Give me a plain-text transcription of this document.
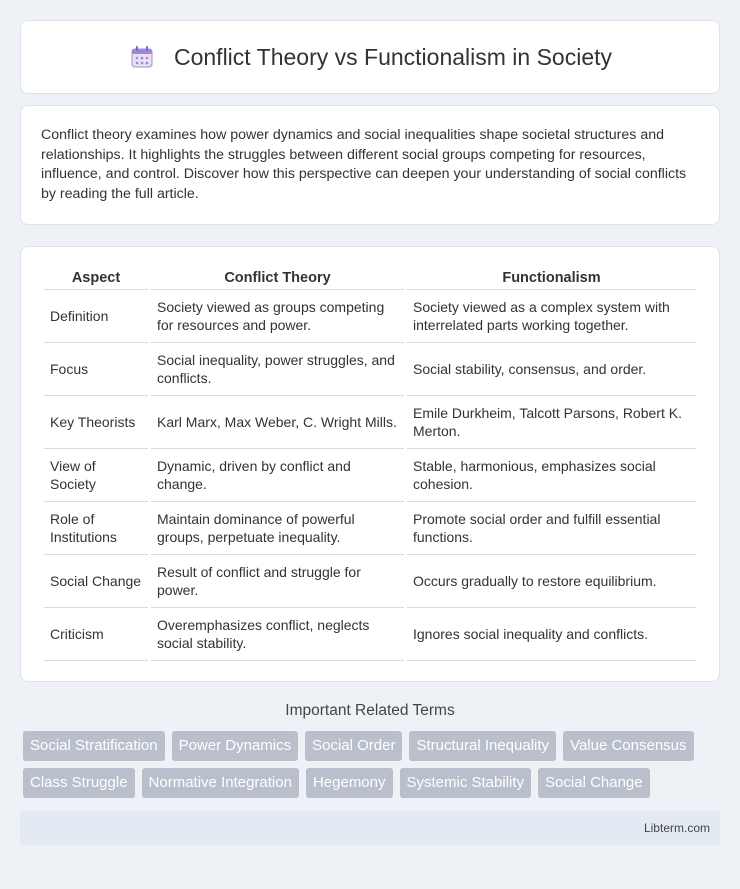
Conflict Theory vs Functionalism in Society

Conflict theory examines how power dynamics and social inequalities shape societal structures and relationships. It highlights the struggles between different social groups competing for resources, influence, and control. Discover how this perspective can deepen your understanding of social conflicts by reading the full article.

Aspect	Conflict Theory	Functionalism
Definition	Society viewed as groups competing for resources and power.	Society viewed as a complex system with interrelated parts working together.
Focus	Social inequality, power struggles, and conflicts.	Social stability, consensus, and order.
Key Theorists	Karl Marx, Max Weber, C. Wright Mills.	Emile Durkheim, Talcott Parsons, Robert K. Merton.
View of Society	Dynamic, driven by conflict and change.	Stable, harmonious, emphasizes social cohesion.
Role of Institutions	Maintain dominance of powerful groups, perpetuate inequality.	Promote social order and fulfill essential functions.
Social Change	Result of conflict and struggle for power.	Occurs gradually to restore equilibrium.
Criticism	Overemphasizes conflict, neglects social stability.	Ignores social inequality and conflicts.
Important Related Terms
Social Stratification	Power Dynamics	Social Order	Structural Inequality	Value Consensus
Class Struggle	Normative Integration	Hegemony	Systemic Stability	Social Change
Libterm.com
